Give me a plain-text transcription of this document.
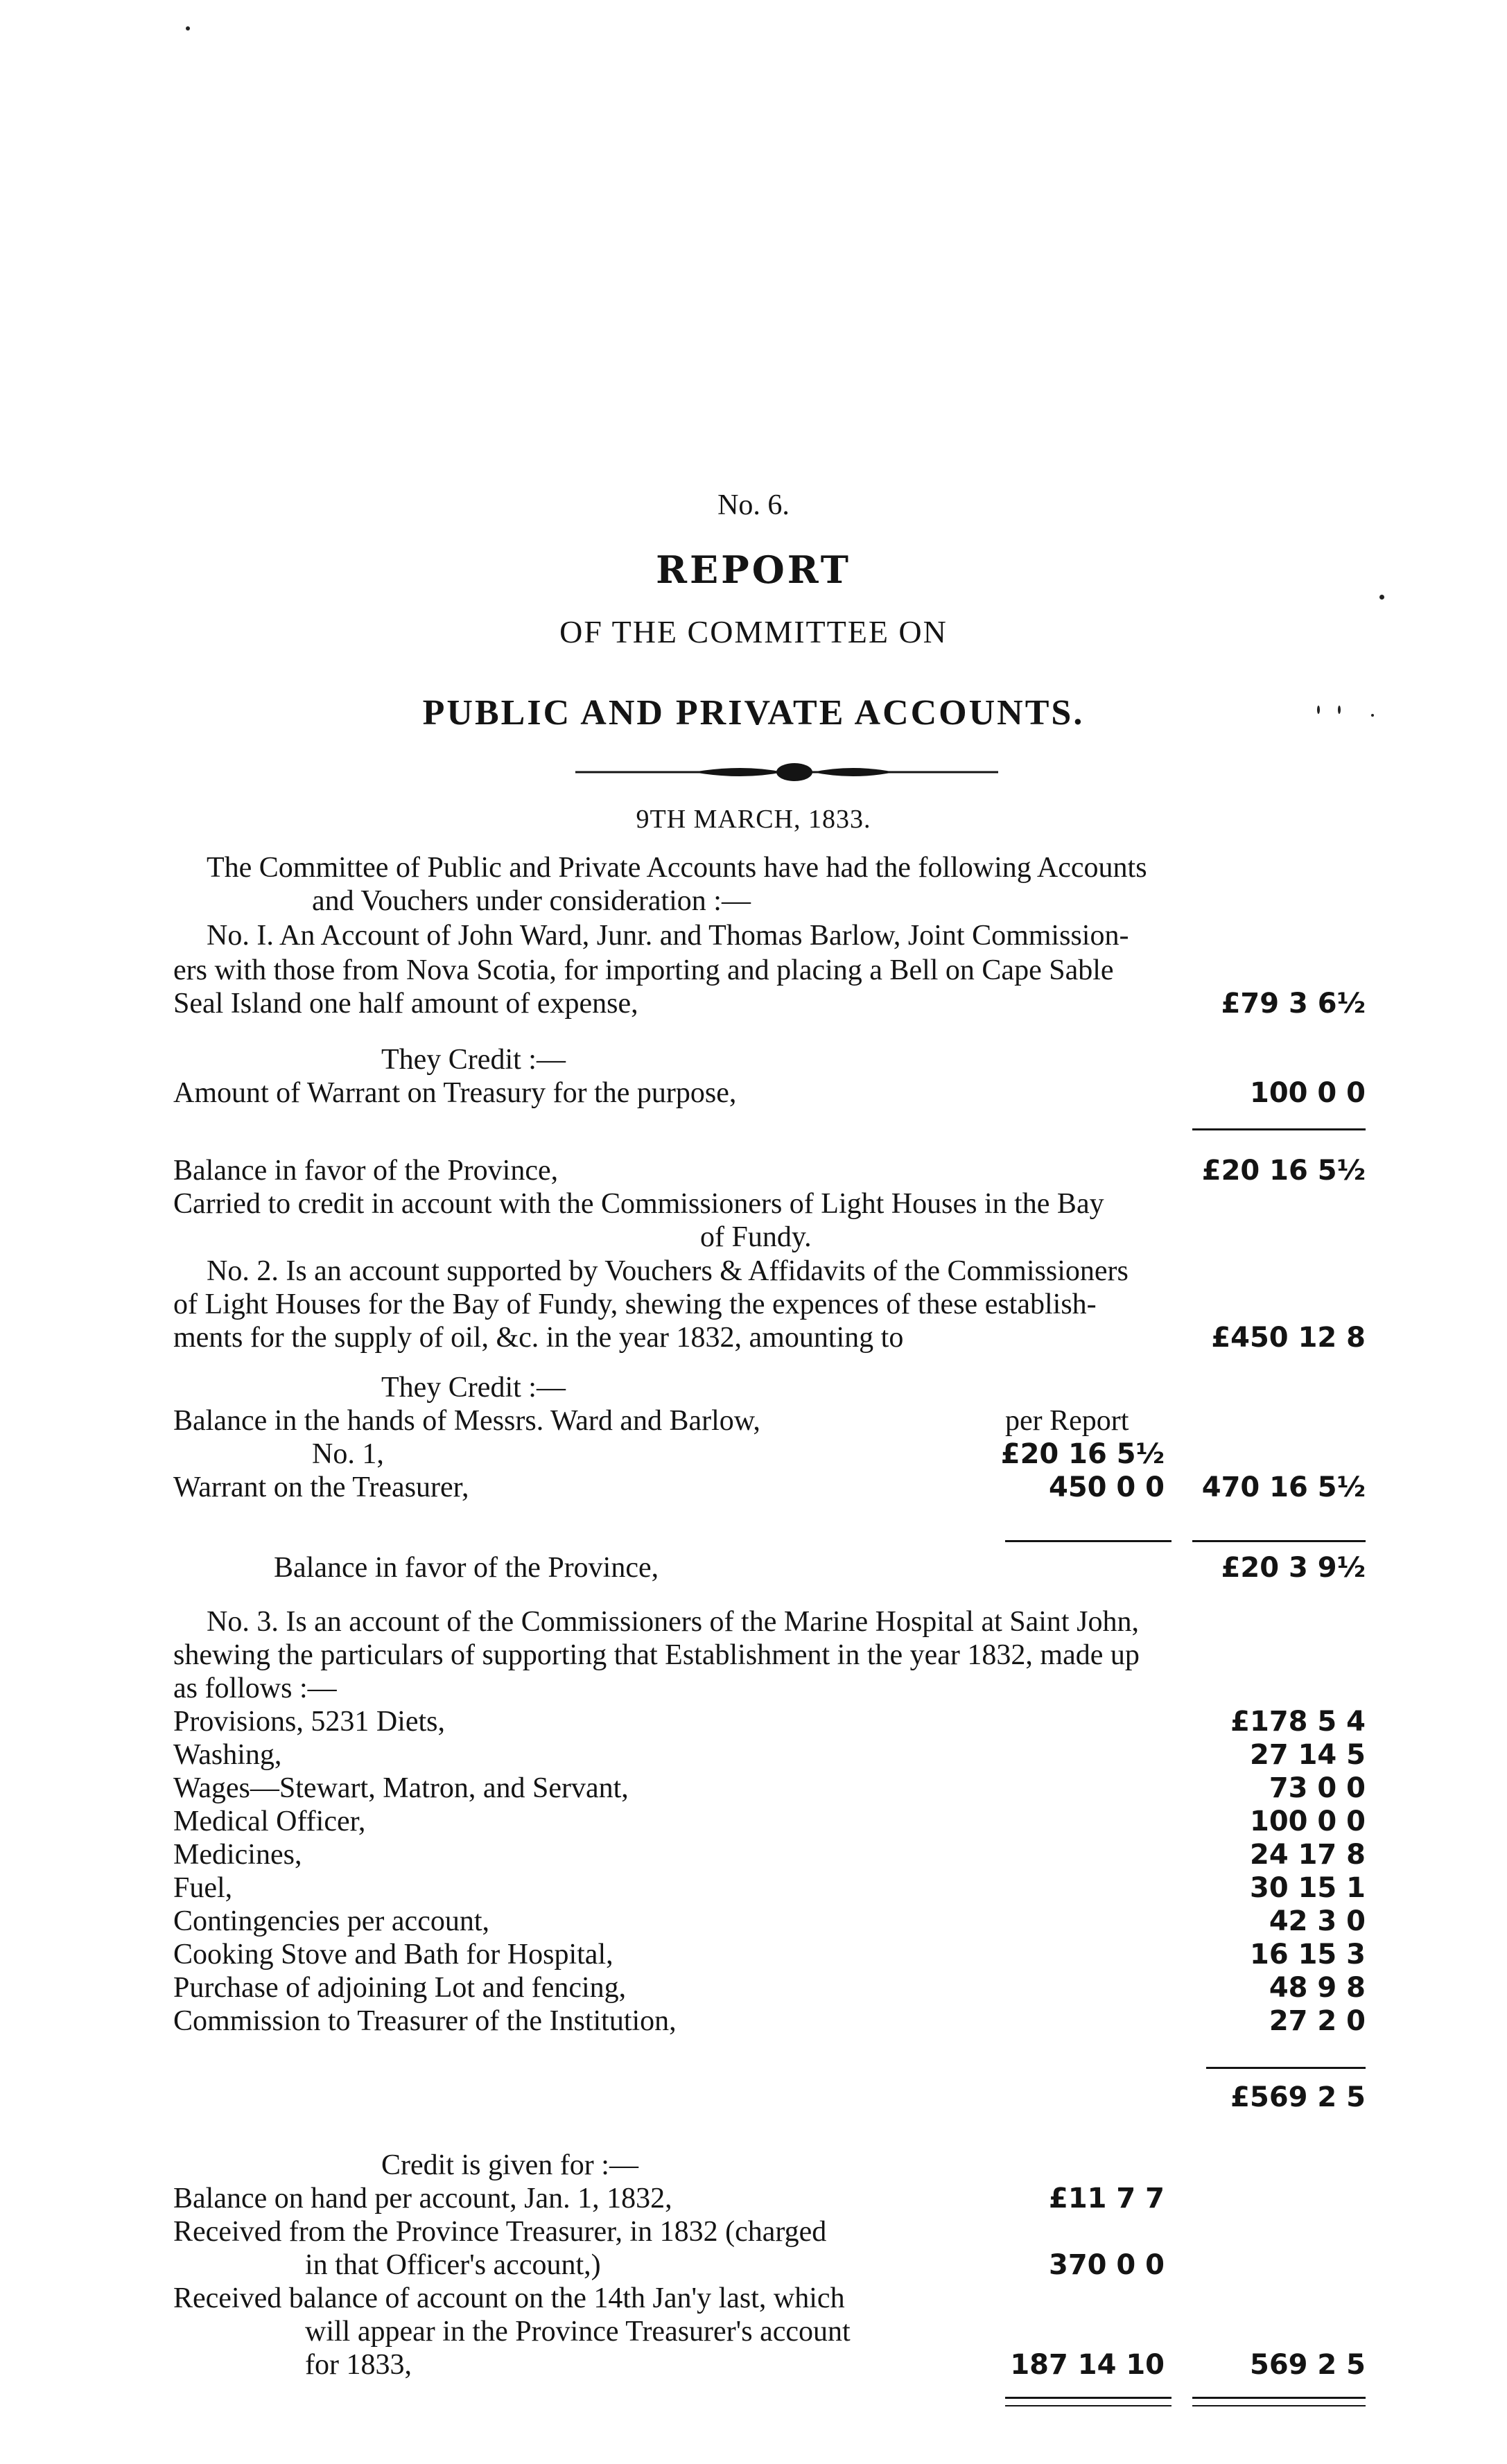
No. 6.
REPORT
OF THE COMMITTEE ON
PUBLIC AND PRIVATE ACCOUNTS.
9TH MARCH, 1833.
The Committee of Public and Private Accounts have had the following Accounts
and Vouchers under consideration :—
No. I. An Account of John Ward, Junr. and Thomas Barlow, Joint Commission-
ers with those from Nova Scotia, for importing and placing a Bell on Cape Sable
Seal Island one half amount of expense,	£79 3 6½
They Credit :—
Amount of Warrant on Treasury for the purpose,	100 0 0
Balance in favor of the Province,	£20 16 5½
Carried to credit in account with the Commissioners of Light Houses in the Bay
of Fundy.
No. 2. Is an account supported by Vouchers & Affidavits of the Commissioners
of Light Houses for the Bay of Fundy, shewing the expences of these establish-
ments for the supply of oil, &c. in the year 1832, amounting to	£450 12 8
They Credit :—
Balance in the hands of Messrs. Ward and Barlow,	per Report
No. 1,	£20 16 5½
Warrant on the Treasurer,	450 0 0	470 16 5½
Balance in favor of the Province,	£20 3 9½
No. 3. Is an account of the Commissioners of the Marine Hospital at Saint John,
shewing the particulars of supporting that Establishment in the year 1832, made up
as follows :—
Provisions, 5231 Diets,	£178 5 4
Washing,	27 14 5
Wages—Stewart, Matron, and Servant,	73 0 0
Medical Officer,	100 0 0
Medicines,	24 17 8
Fuel,	30 15 1
Contingencies per account,	42 3 0
Cooking Stove and Bath for Hospital,	16 15 3
Purchase of adjoining Lot and fencing,	48 9 8
Commission to Treasurer of the Institution,	27 2 0
£569 2 5
Credit is given for :—
Balance on hand per account, Jan. 1, 1832,	£11 7 7
Received from the Province Treasurer, in 1832 (charged
in that Officer's account,)	370 0 0
Received balance of account on the 14th Jan'y last, which
will appear in the Province Treasurer's account
for 1833,	187 14 10	569 2 5
